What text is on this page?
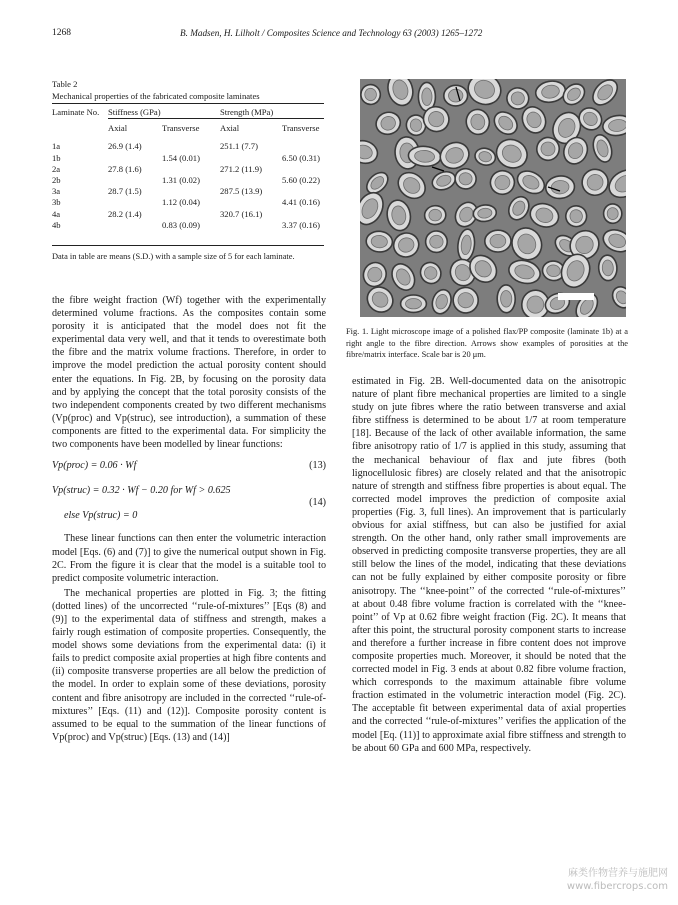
1268	B. Madsen, H. Lilholt / Composites Science and Technology 63 (2003) 1265–1272
Table 2
Mechanical properties of the fabricated composite laminates
Laminate No.	Stiffness (GPa)		Strength (MPa)	
	Axial	Transverse	Axial	Transverse
1a	26.9 (1.4)		251.1 (7.7)	
1b		1.54 (0.01)		6.50 (0.31)
2a	27.8 (1.6)		271.2 (11.9)	
2b		1.31 (0.02)		5.60 (0.22)
3a	28.7 (1.5)		287.5 (13.9)	
3b		1.12 (0.04)		4.41 (0.16)
4a	28.2 (1.4)		320.7 (16.1)	
4b		0.83 (0.09)		3.37 (0.16)
Data in table are means (S.D.) with a sample size of 5 for each laminate.

the fibre weight fraction (Wf) together with the experimentally determined volume fractions. As the composites contain some porosity it is anticipated that the model does not fit the experimental data very well, and that it tends to overestimate both the fibre and the matrix volume fractions. Therefore, in order to improve the model prediction the actual porosity content should enter the equations. In Fig. 2B, by focusing on the porosity data and by applying the concept that the total porosity consists of the two independent components created by two different mechanisms (Vp(proc) and Vp(struc), see introduction), a summation of these components are fitted to the experimental data. For simplicity the two components have been modelled by linear functions:

Vp(proc) = 0.06 · Wf	(13)
Vp(struc) = 0.32 · Wf − 0.20 for Wf > 0.625
else Vp(struc) = 0
(14)

These linear functions can then enter the volumetric interaction model [Eqs. (6) and (7)] to give the numerical output shown in Fig. 2C. From the figure it is clear that the model is a suitable tool to predict composite volumetric interaction.

The mechanical properties are plotted in Fig. 3; the fitting (dotted lines) of the uncorrected ‘‘rule-of-mixtures’’ [Eqs (8) and (9)] to the experimental data of stiffness and strength, makes a fairly rough estimation of composite properties. Consequently, the model shows some deviations from the experimental data: (i) it fails to predict composite axial properties at high fibre contents and (ii) composite transverse properties are all below the prediction of the model. In order to explain some of these deviations, porosity content and fibre anisotropy are included in the corrected ‘‘rule-of-mixtures’’ [Eqs. (11) and (12)]. Composite porosity content is assumed to be equal to the summation of the linear functions of Vp(proc) and Vp(struc) [Eqs. (13) and (14)]

Fig. 1. Light microscope image of a polished flax/PP composite (laminate 1b) at a right angle to the fibre direction. Arrows show examples of porosities at the fibre/matrix interface. Scale bar is 20 μm.

estimated in Fig. 2B. Well-documented data on the anisotropic nature of plant fibre mechanical properties are limited to a single study on jute fibres where the ratio between transverse and axial fibre stiffness is determined to be about 1/7 at room temperature [18]. Because of the lack of other available information, the same fibre anisotropy ratio of 1/7 is applied in this study, assuming that the mechanical behaviour of flax and jute fibres (both lignocellulosic fibres) are closely related and that the anisotropic nature of strength and stiffness fibre properties is about equal. The corrected model improves the prediction of composite axial properties (Fig. 3, full lines). An improvement that is particularly obvious for axial stiffness, but can also be justified for axial strength. On the other hand, only rather small improvements are observed in predicting composite transverse properties, they are all still below the lines of the model, indicating that these deviations can not be fully explained by either composite porosity or fibre anisotropy. The ‘‘knee-point’’ of the corrected ‘‘rule-of-mixtures’’ at about 0.48 fibre volume fraction is correlated with the ‘‘knee-point’’ of Vp at 0.62 fibre weight fraction (Fig. 2C). It means that after this point, the structural porosity component starts to increase and therefore a further increase in fibre content does not improve composite properties much. Moreover, it should be noted that the corrected model in Fig. 3 ends at about 0.82 fibre volume fraction, which corresponds to the maximum attainable fibre volume fraction estimated in the volumetric interaction model (Fig. 2C). The acceptable fit between experimental data of axial properties and the corrected ‘‘rule-of-mixtures’’ verifies the application of the model [Eq. (11)] to approximate axial fibre stiffness and strength to be about 60 GPa and 600 MPa, respectively.

麻类作物营养与施肥网
www.fibercrops.com
